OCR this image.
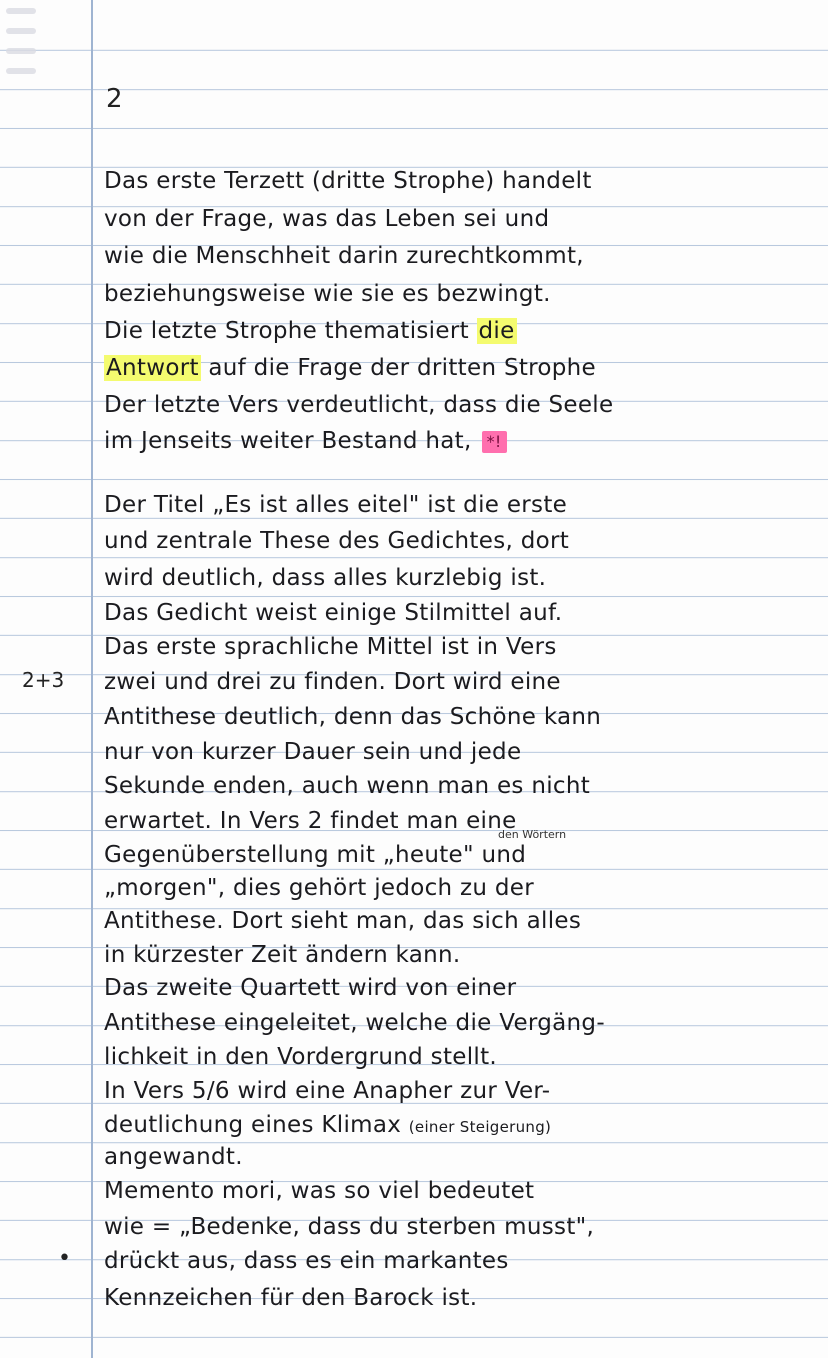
2
2+3
•
Das erste Terzett (dritte Strophe) handelt
von der Frage, was das Leben sei und
wie die Menschheit darin zurechtkommt,
beziehungsweise wie sie es bezwingt.
Die letzte Strophe thematisiert die
Antwort auf die Frage der dritten Strophe
Der letzte Vers verdeutlicht, dass die Seele
im Jenseits weiter Bestand hat, *!
Der Titel „Es ist alles eitel" ist die erste
und zentrale These des Gedichtes, dort
wird deutlich, dass alles kurzlebig ist.
Das Gedicht weist einige Stilmittel auf.
Das erste sprachliche Mittel ist in Vers
zwei und drei zu finden. Dort wird eine
Antithese deutlich, denn das Schöne kann
nur von kurzer Dauer sein und jede
Sekunde enden, auch wenn man es nicht
erwartet. In Vers 2 findet man eine
den Wörtern
Gegenüberstellung mit „heute" und
„morgen", dies gehört jedoch zu der
Antithese. Dort sieht man, das sich alles
in kürzester Zeit ändern kann.
Das zweite Quartett wird von einer
Antithese eingeleitet, welche die Vergäng-
lichkeit in den Vordergrund stellt.
In Vers 5/6 wird eine Anapher zur Ver-
deutlichung eines Klimax (einer Steigerung)
angewandt.
Memento mori, was so viel bedeutet
wie = „Bedenke, dass du sterben musst",
drückt aus, dass es ein markantes
Kennzeichen für den Barock ist.
